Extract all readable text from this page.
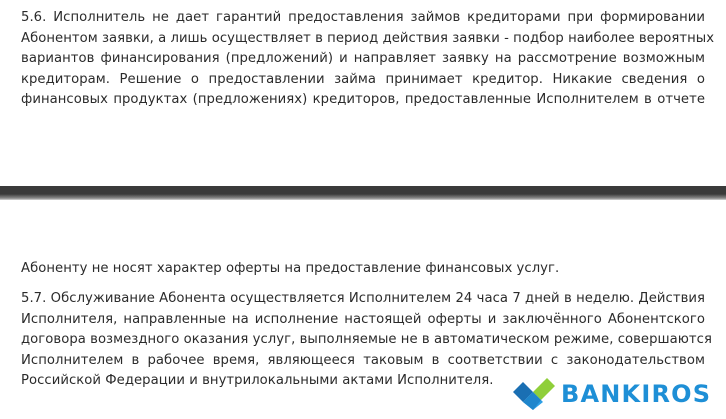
5.6. Исполнитель не дает гарантий предоставления займов кредиторами при формировании
Абонентом заявки, а лишь осуществляет в период действия заявки - подбор наиболее вероятных
вариантов финансирования (предложений) и направляет заявку на рассмотрение возможным
кредиторам. Решение о предоставлении займа принимает кредитор. Никакие сведения о
финансовых продуктах (предложениях) кредиторов, предоставленные Исполнителем в отчете

Абоненту не носят характер оферты на предоставление финансовых услуг.

5.7. Обслуживание Абонента осуществляется Исполнителем 24 часа 7 дней в неделю. Действия
Исполнителя, направленные на исполнение настоящей оферты и заключённого Абонентского
договора возмездного оказания услуг, выполняемые не в автоматическом режиме, совершаются
Исполнителем в рабочее время, являющееся таковым в соответствии с законодательством
Российской Федерации и внутрилокальными актами Исполнителя.	BANKIROS
